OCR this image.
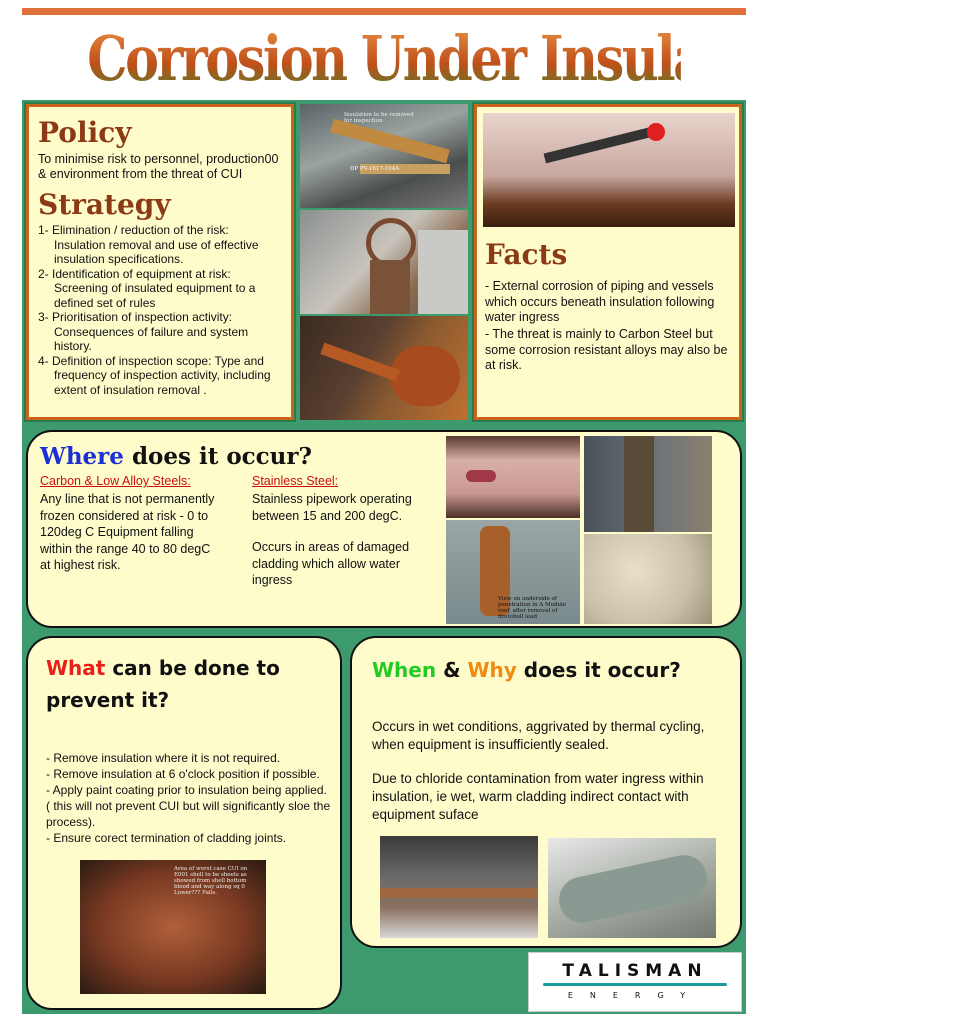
Corrosion Under Insulation - CUI
Policy
To minimise risk to personnel, production00 & environment from the threat of CUI
Strategy
1- Elimination / reduction of the risk:
Insulation removal and use of effective insulation specifications.
2- Identification of equipment at risk:
Screening of insulated equipment to a defined set of rules
3- Prioritisation of inspection activity:
Consequences of failure and system history.
4- Definition of inspection scope: Type and
frequency of inspection activity, including extent of insulation removal .
Insulation to be removed for inspection
DP PV-1617-104A
Facts
- External corrosion of piping and vessels which occurs beneath insulation following water ingress
- The threat is mainly to Carbon Steel but some corrosion resistant alloys may also be at risk.
Where does it occur?
Carbon & Low Alloy Steels:
Any line that is not permanently frozen considered at risk - 0 to 120deg C Equipment falling within the range 40 to 80 degC at highest risk.
Stainless Steel:
Stainless pipework operating between 15 and 200 degC.
Occurs in areas of damaged cladding which allow water ingress
View on underside of penetration in A Module roof, after removal of firetoboll lead
What can be done to prevent it?
- Remove insulation where it is not required.
- Remove insulation at 6 o'clock position if possible.
- Apply paint coating prior to insulation being applied. ( this will not prevent CUI but will significantly sloe the process).
- Ensure corect termination of cladding joints.
Area of worst case CUI on E001 shell to be sheets as showed from shell bottom blood and way along sq 0 Lower??? Falls.
When & Why does it occur?
Occurs in wet conditions, aggrivated by thermal cycling, when equipment is insufficiently sealed.
Due to chloride contamination from water ingress within insulation, ie wet, warm cladding indirect contact with equipment suface
TALISMAN
ENERGY
